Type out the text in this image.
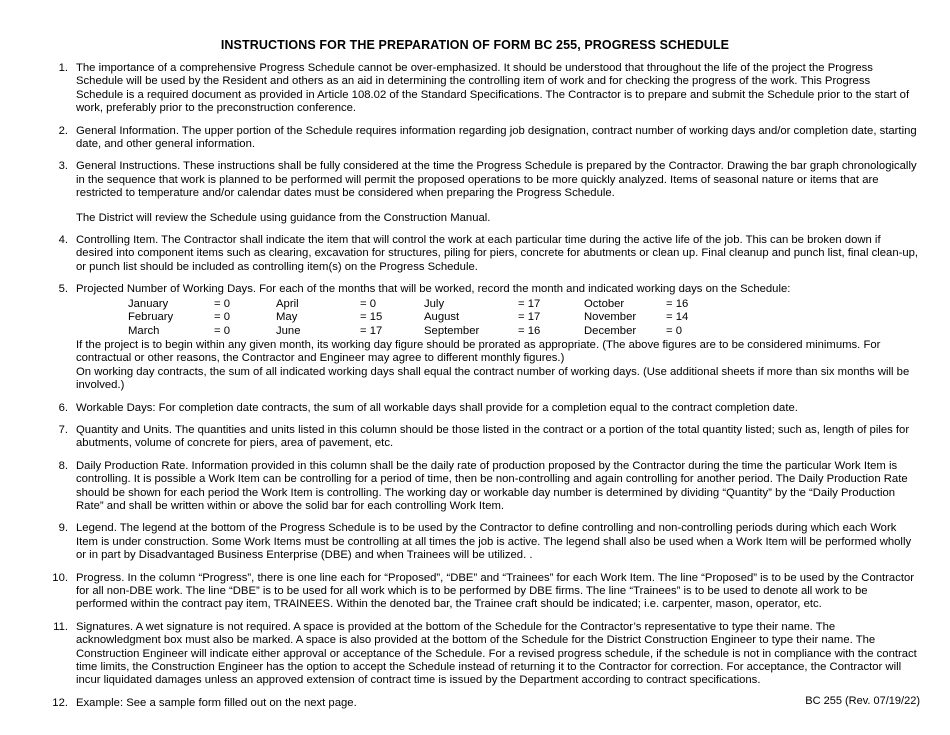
INSTRUCTIONS FOR THE PREPARATION OF FORM BC 255, PROGRESS SCHEDULE
1. The importance of a comprehensive Progress Schedule cannot be over-emphasized. It should be understood that throughout the life of the project the Progress Schedule will be used by the Resident and others as an aid in determining the controlling item of work and for checking the progress of the work. This Progress Schedule is a required document as provided in Article 108.02 of the Standard Specifications. The Contractor is to prepare and submit the Schedule prior to the start of work, preferably prior to the preconstruction conference.

2. General Information. The upper portion of the Schedule requires information regarding job designation, contract number of working days and/or completion date, starting date, and other general information.

3. General Instructions. These instructions shall be fully considered at the time the Progress Schedule is prepared by the Contractor. Drawing the bar graph chronologically in the sequence that work is planned to be performed will permit the proposed operations to be more quickly analyzed. Items of seasonal nature or items that are restricted to temperature and/or calendar dates must be considered when preparing the Progress Schedule.

The District will review the Schedule using guidance from the Construction Manual.

4. Controlling Item. The Contractor shall indicate the item that will control the work at each particular time during the active life of the job. This can be broken down if desired into component items such as clearing, excavation for structures, piling for piers, concrete for abutments or clean up. Final cleanup and punch list, final clean-up, or punch list should be included as controlling item(s) on the Progress Schedule.

5. Projected Number of Working Days. For each of the months that will be worked, record the month and indicated working days on the Schedule:

January	= 0	April	= 0	July	= 17	October	= 16
February	= 0	May	= 15	August	= 17	November	= 14
March	= 0	June	= 17	September	= 16	December	= 0

If the project is to begin within any given month, its working day figure should be prorated as appropriate. (The above figures are to be considered minimums. For contractual or other reasons, the Contractor and Engineer may agree to different monthly figures.)

On working day contracts, the sum of all indicated working days shall equal the contract number of working days. (Use additional sheets if more than six months will be involved.)

6. Workable Days: For completion date contracts, the sum of all workable days shall provide for a completion equal to the contract completion date.

7. Quantity and Units. The quantities and units listed in this column should be those listed in the contract or a portion of the total quantity listed; such as, length of piles for abutments, volume of concrete for piers, area of pavement, etc.

8. Daily Production Rate. Information provided in this column shall be the daily rate of production proposed by the Contractor during the time the particular Work Item is controlling. It is possible a Work Item can be controlling for a period of time, then be non-controlling and again controlling for another period. The Daily Production Rate should be shown for each period the Work Item is controlling. The working day or workable day number is determined by dividing “Quantity” by the “Daily Production Rate” and shall be written within or above the solid bar for each controlling Work Item.

9. Legend. The legend at the bottom of the Progress Schedule is to be used by the Contractor to define controlling and non-controlling periods during which each Work Item is under construction. Some Work Items must be controlling at all times the job is active. The legend shall also be used when a Work Item will be performed wholly or in part by Disadvantaged Business Enterprise (DBE) and when Trainees will be utilized. .

10. Progress. In the column “Progress”, there is one line each for “Proposed”, “DBE” and “Trainees” for each Work Item. The line “Proposed” is to be used by the Contractor for all non-DBE work. The line “DBE” is to be used for all work which is to be performed by DBE firms. The line “Trainees” is to be used to denote all work to be performed within the contract pay item, TRAINEES. Within the denoted bar, the Trainee craft should be indicated; i.e. carpenter, mason, operator, etc.

11. Signatures. A wet signature is not required. A space is provided at the bottom of the Schedule for the Contractor’s representative to type their name. The acknowledgment box must also be marked. A space is also provided at the bottom of the Schedule for the District Construction Engineer to type their name. The Construction Engineer will indicate either approval or acceptance of the Schedule. For a revised progress schedule, if the schedule is not in compliance with the contract time limits, the Construction Engineer has the option to accept the Schedule instead of returning it to the Contractor for correction. For acceptance, the Contractor will incur liquidated damages unless an approved extension of contract time is issued by the Department according to contract specifications.

12. Example: See a sample form filled out on the next page.	BC 255 (Rev. 07/19/22)
